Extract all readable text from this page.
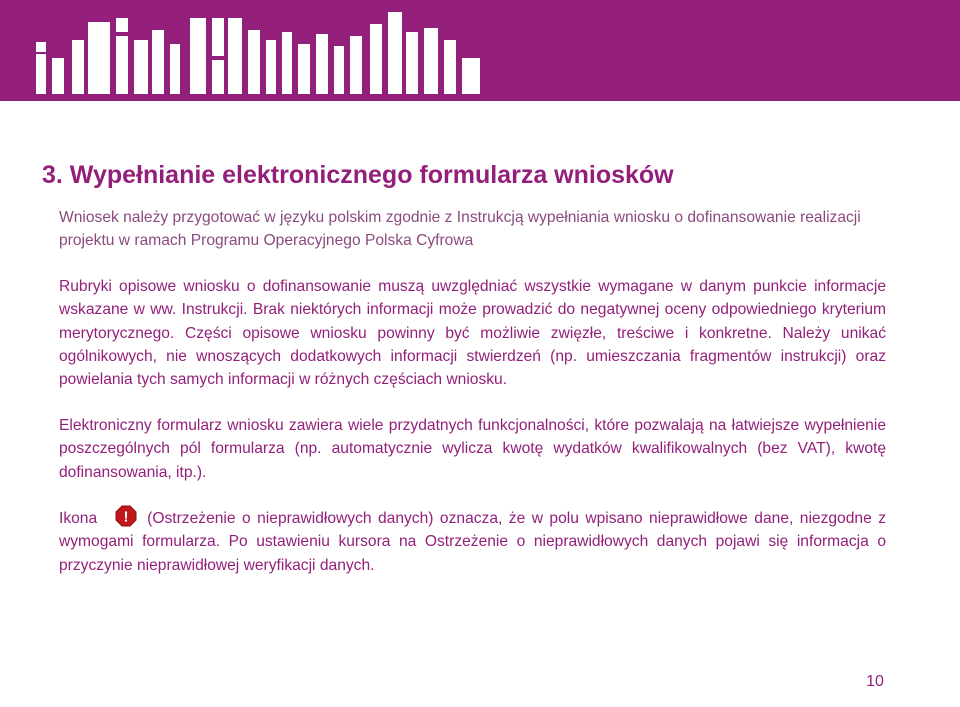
3. Wypełnianie elektronicznego formularza wniosków

Wniosek należy przygotować w języku polskim zgodnie z Instrukcją wypełniania wniosku o dofinansowanie realizacji projektu w ramach Programu Operacyjnego Polska Cyfrowa

Rubryki opisowe wniosku o dofinansowanie muszą uwzględniać wszystkie wymagane w danym punkcie informacje wskazane w ww. Instrukcji. Brak niektórych informacji może prowadzić do negatywnej oceny odpowiedniego kryterium merytorycznego. Części opisowe wniosku powinny być możliwie zwięzłe, treściwe i konkretne. Należy unikać ogólnikowych, nie wnoszących dodatkowych informacji stwierdzeń (np. umieszczania fragmentów instrukcji) oraz powielania tych samych informacji w różnych częściach wniosku.

Elektroniczny formularz wniosku zawiera wiele przydatnych funkcjonalności, które pozwalają na łatwiejsze wypełnienie poszczególnych pól formularza (np. automatycznie wylicza kwotę wydatków kwalifikowalnych (bez VAT), kwotę dofinansowania, itp.).

Ikona ! (Ostrzeżenie o nieprawidłowych danych) oznacza, że w polu wpisano nieprawidłowe dane, niezgodne z wymogami formularza. Po ustawieniu kursora na Ostrzeżenie o nieprawidłowych danych pojawi się informacja o przyczynie nieprawidłowej weryfikacji danych.

10
